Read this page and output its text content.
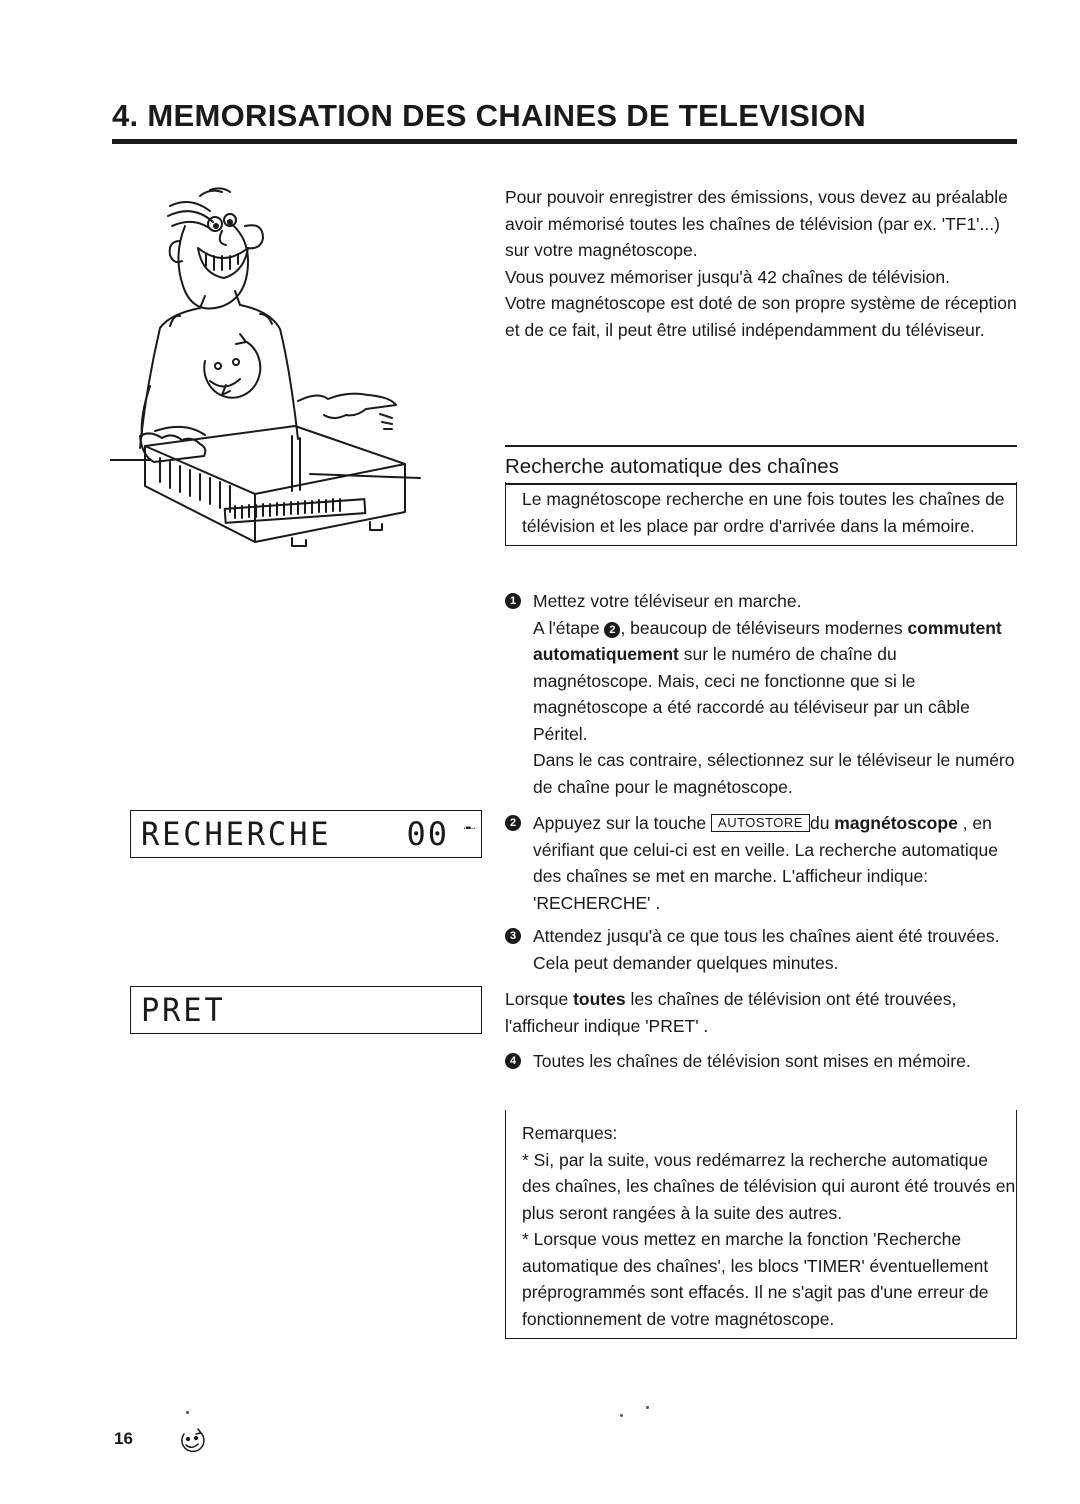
4. MEMORISATION DES CHAINES DE TELEVISION

Pour pouvoir enregistrer des émissions, vous devez au préalable avoir mémorisé toutes les chaînes de télévision (par ex. 'TF1'...) sur votre magnétoscope.

Vous pouvez mémoriser jusqu'à 42 chaînes de télévision.

Votre magnétoscope est doté de son propre système de réception et de ce fait, il peut être utilisé indépendamment du téléviseur.

Recherche automatique des chaînes
Le magnétoscope recherche en une fois toutes les chaînes de télévision et les place par ordre d'arrivée dans la mémoire.
1 Mettez votre téléviseur en marche.

A l'étape 2 , beaucoup de téléviseurs modernes commutent automatiquement sur le numéro de chaîne du magnétoscope. Mais, ceci ne fonctionne que si le magnétoscope a été raccordé au téléviseur par un câble Péritel.

Dans le cas contraire, sélectionnez sur le téléviseur le numéro de chaîne pour le magnétoscope.

2 Appuyez sur la touche AUTOSTORE du magnétoscope , en vérifiant que celui-ci est en veille. La recherche automatique des chaînes se met en marche. L'afficheur indique: 'RECHERCHE' .

3 Attendez jusqu'à ce que tous les chaînes aient été trouvées. Cela peut demander quelques minutes.

Lorsque toutes les chaînes de télévision ont été trouvées, l'afficheur indique 'PRET' .

4 Toutes les chaînes de télévision sont mises en mémoire.

Remarques:

* Si, par la suite, vous redémarrez la recherche automatique des chaînes, les chaînes de télévision qui auront été trouvés en plus seront rangées à la suite des autres.

* Lorsque vous mettez en marche la fonction 'Recherche automatique des chaînes', les blocs 'TIMER' éventuellement préprogrammés sont effacés. Il ne s'agit pas d'une erreur de fonctionnement de votre magnétoscope.

RECHERCHE 00 ·▪▪··
PRET
16
